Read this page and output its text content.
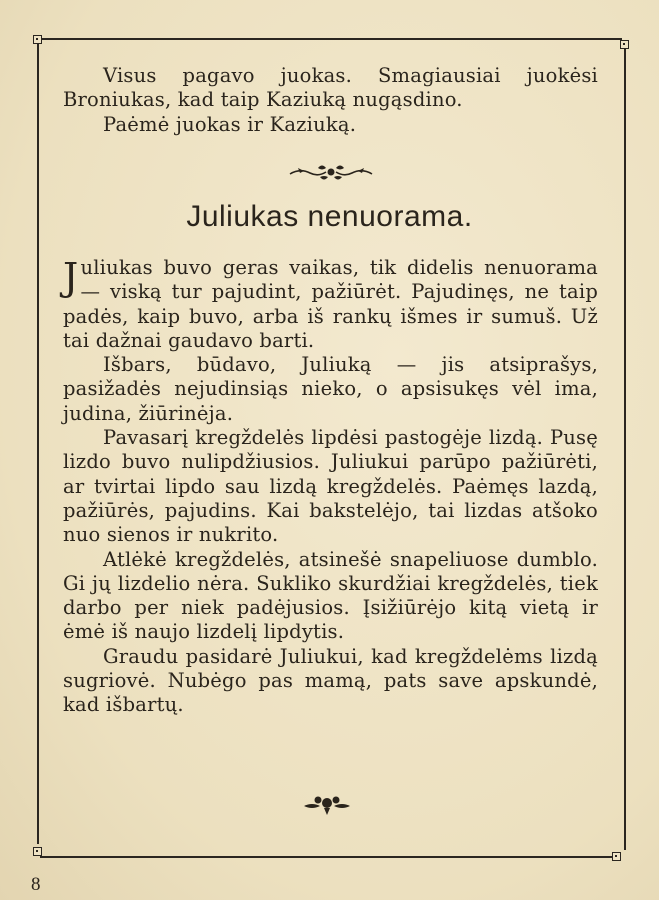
Visus pagavo juokas. Smagiausiai juokėsi Broniukas, kad taip Kaziuką nugąsdino.

Paėmė juokas ir Kaziuką.

Juliukas nenuorama.

Juliukas buvo geras vaikas, tik didelis nenuorama — viską tur pajudint, pažiūrėt. Pajudinęs, ne taip padės, kaip buvo, arba iš rankų išmes ir sumuš. Už tai dažnai gaudavo barti.

Išbars, būdavo, Juliuką — jis atsiprašys, pasižadės nejudinsiąs nieko, o apsisukęs vėl ima, judina, žiūrinėja.

Pavasarį kregždelės lipdėsi pastogėje lizdą. Pusę lizdo buvo nulipdžiusios. Juliukui parūpo pažiūrėti, ar tvirtai lipdo sau lizdą kregždelės. Paėmęs lazdą, pažiūrės, pajudins. Kai bakstelėjo, tai lizdas atšoko nuo sienos ir nukrito.

Atlėkė kregždelės, atsinešė snapeliuose dumblo. Gi jų lizdelio nėra. Sukliko skurdžiai kregždelės, tiek darbo per niek padėjusios. Įsižiūrėjo kitą vietą ir ėmė iš naujo lizdelį lipdytis.

Graudu pasidarė Juliukui, kad kregždelėms lizdą sugriovė. Nubėgo pas mamą, pats save apskundė, kad išbartų.

8
